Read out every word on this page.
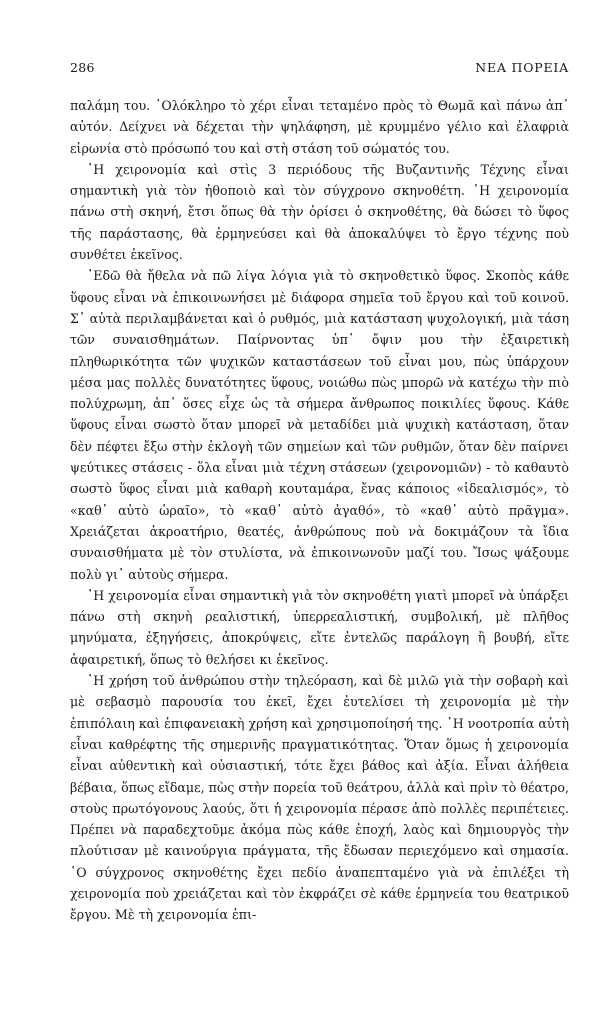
286	ΝΕΑ ΠΟΡΕΙΑ

παλάμη του. ῾Ολόκληρο τὸ χέρι εἶναι τεταμένο πρὸς τὸ Θωμᾶ καὶ πάνω ἀπ᾽ αὐτόν. Δείχνει νὰ δέχεται τὴν ψηλάφηση, μὲ κρυμμένο γέλιο καὶ ἐλαφριὰ εἰρωνία στὸ πρόσωπό του καὶ στὴ στάση τοῦ σώματός του.

῾Η χειρονομία καὶ στὶς 3 περιόδους τῆς Βυζαντινῆς Τέχνης εἶναι σημαντικὴ γιὰ τὸν ἠθοποιὸ καὶ τὸν σύγχρονο σκηνοθέτη. ῾Η χειρονομία πάνω στὴ σκηνή, ἔτσι ὅπως θὰ τὴν ὁρίσει ὁ σκηνοθέτης, θὰ δώσει τὸ ὕφος τῆς παράστασης, θὰ ἑρμηνεύσει καὶ θὰ ἀποκαλύψει τὸ ἔργο τέχνης ποὺ συνθέτει ἐκεῖνος.

᾽Εδῶ θὰ ἤθελα νὰ πῶ λίγα λόγια γιὰ τὸ σκηνοθετικὸ ὕφος. Σκοπὸς κάθε ὕφους εἶναι νὰ ἐπικοινωνήσει μὲ διάφορα σημεῖα τοῦ ἔργου καὶ τοῦ κοινοῦ. Σ᾽ αὐτὰ περιλαμβάνεται καὶ ὁ ρυθμός, μιὰ κατάσταση ψυχολογική, μιὰ τάση τῶν συναισθημάτων. Παίρνοντας ὑπ᾽ ὄψιν μου τὴν ἐξαιρετικὴ πληθωρικότητα τῶν ψυχικῶν καταστάσεων τοῦ εἶναι μου, πὼς ὑπάρχουν μέσα μας πολλὲς δυνατότητες ὕφους, νοιώθω πὼς μπορῶ νὰ κατέχω τὴν πιὸ πολύχρωμη, ἀπ᾽ ὅσες εἶχε ὡς τὰ σήμερα ἄνθρωπος ποικιλίες ὕφους. Κάθε ὕφους εἶναι σωστὸ ὅταν μπορεῖ νὰ μεταδίδει μιὰ ψυχικὴ κατάσταση, ὅταν δὲν πέφτει ἔξω στὴν ἐκλογὴ τῶν σημείων καὶ τῶν ρυθμῶν, ὅταν δὲν παίρνει ψεύτικες στάσεις - ὅλα εἶναι μιὰ τέχνη στάσεων (χειρονομιῶν) - τὸ καθαυτὸ σωστὸ ὕφος εἶναι μιὰ καθαρὴ κουταμάρα, ἔνας κάποιος «ἰδεαλισμός», τὸ «καθ᾽ αὑτὸ ὡραῖο», τὸ «καθ᾽ αὑτὸ ἀγαθό», τὸ «καθ᾽ αὑτὸ πρᾶγμα». Χρειάζεται ἀκροατήριο, θεατές, ἀνθρώπους ποὺ νὰ δοκιμάζουν τὰ ἴδια συναισθήματα μὲ τὸν στυλίστα, νὰ ἐπικοινωνοῦν μαζί του. Ἴσως ψάξουμε πολὺ γι᾽ αὐτοὺς σήμερα.

῾Η χειρονομία εἶναι σημαντικὴ γιὰ τὸν σκηνοθέτη γιατὶ μπορεῖ νὰ ὑπάρξει πάνω στὴ σκηνὴ ρεαλιστική, ὑπερρεαλιστική, συμβολική, μὲ πλῆθος μηνύματα, ἐξηγήσεις, ἀποκρύψεις, εἴτε ἐντελῶς παράλογη ἢ βουβή, εἴτε ἀφαιρετική, ὅπως τὸ θελήσει κι ἐκεῖνος.

῾Η χρήση τοῦ ἀνθρώπου στὴν τηλεόραση, καὶ δὲ μιλῶ γιὰ τὴν σοβαρὴ καὶ μὲ σεβασμὸ παρουσία του ἐκεῖ, ἔχει ἐυτελίσει τὴ χειρονομία μὲ τὴν ἐπιπόλαιη καὶ ἐπιφανειακὴ χρήση καὶ χρησιμοποίησή της. ῾Η νοοτροπία αὐτὴ εἶναι καθρέφτης τῆς σημερινῆς πραγματικότητας. Ὅταν ὅμως ἡ χειρονομία εἶναι αὐθεντικὴ καὶ οὐσιαστική, τότε ἔχει βάθος καὶ ἀξία. Εἶναι ἀλήθεια βέβαια, ὅπως εἴδαμε, πὼς στὴν πορεία τοῦ θεάτρου, ἀλλὰ καὶ πρὶν τὸ θέατρο, στοὺς πρωτόγονους λαούς, ὅτι ἡ χειρονομία πέρασε ἀπὸ πολλὲς περιπέτειες. Πρέπει νὰ παραδεχτοῦμε ἀκόμα πὼς κάθε ἐποχή, λαὸς καὶ δημιουργὸς τὴν πλούτισαν μὲ καινούργια πράγματα, τῆς ἔδωσαν περιεχόμενο καὶ σημασία. ῾Ο σύγχρονος σκηνοθέτης ἔχει πεδίο ἀναπεπταμένο γιὰ νὰ ἐπιλέξει τὴ χειρονομία ποὺ χρειάζεται καὶ τὸν ἐκφράζει σὲ κάθε ἑρμηνεία του θεατρικοῦ ἔργου. Μὲ τὴ χειρονομία ἐπι-
